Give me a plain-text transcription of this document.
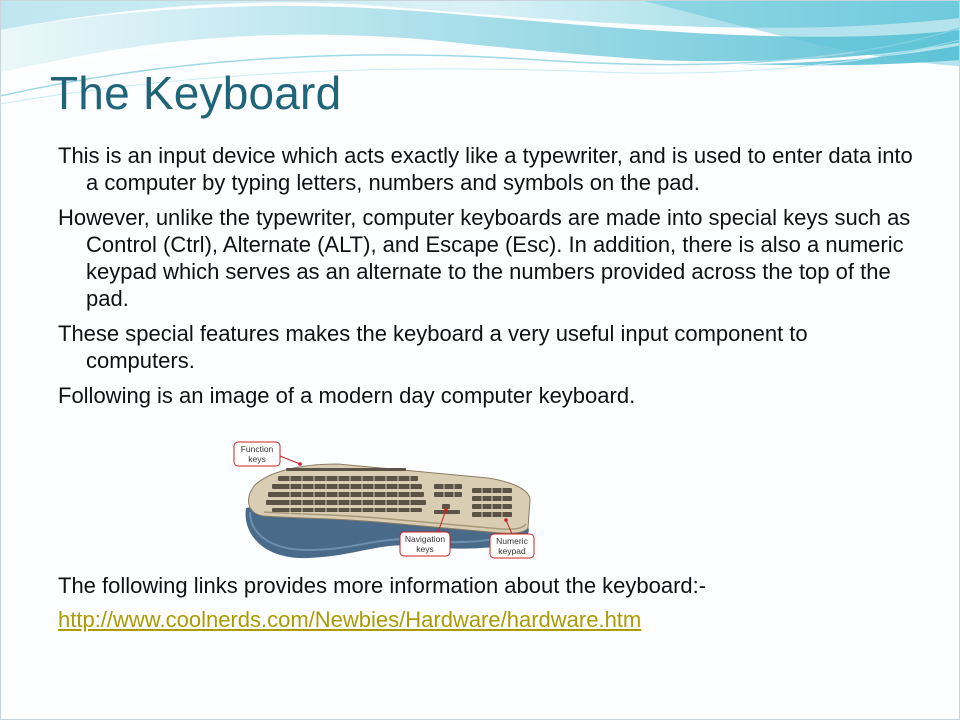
The Keyboard

This is an input device which acts exactly like a typewriter, and is used to enter data into a computer by typing letters, numbers and symbols on the pad.

However, unlike the typewriter, computer keyboards are made into special keys such as Control (Ctrl), Alternate (ALT), and Escape (Esc). In addition, there is also a numeric keypad which serves as an alternate to the numbers provided across the top of the pad.

These special features makes the keyboard a very useful input component to computers.

Following is an image of a modern day computer keyboard.

Function
keys
Navigation
keys
Numeric
keypad

The following links provides more information about the keyboard:-

http://www.coolnerds.com/Newbies/Hardware/hardware.htm
